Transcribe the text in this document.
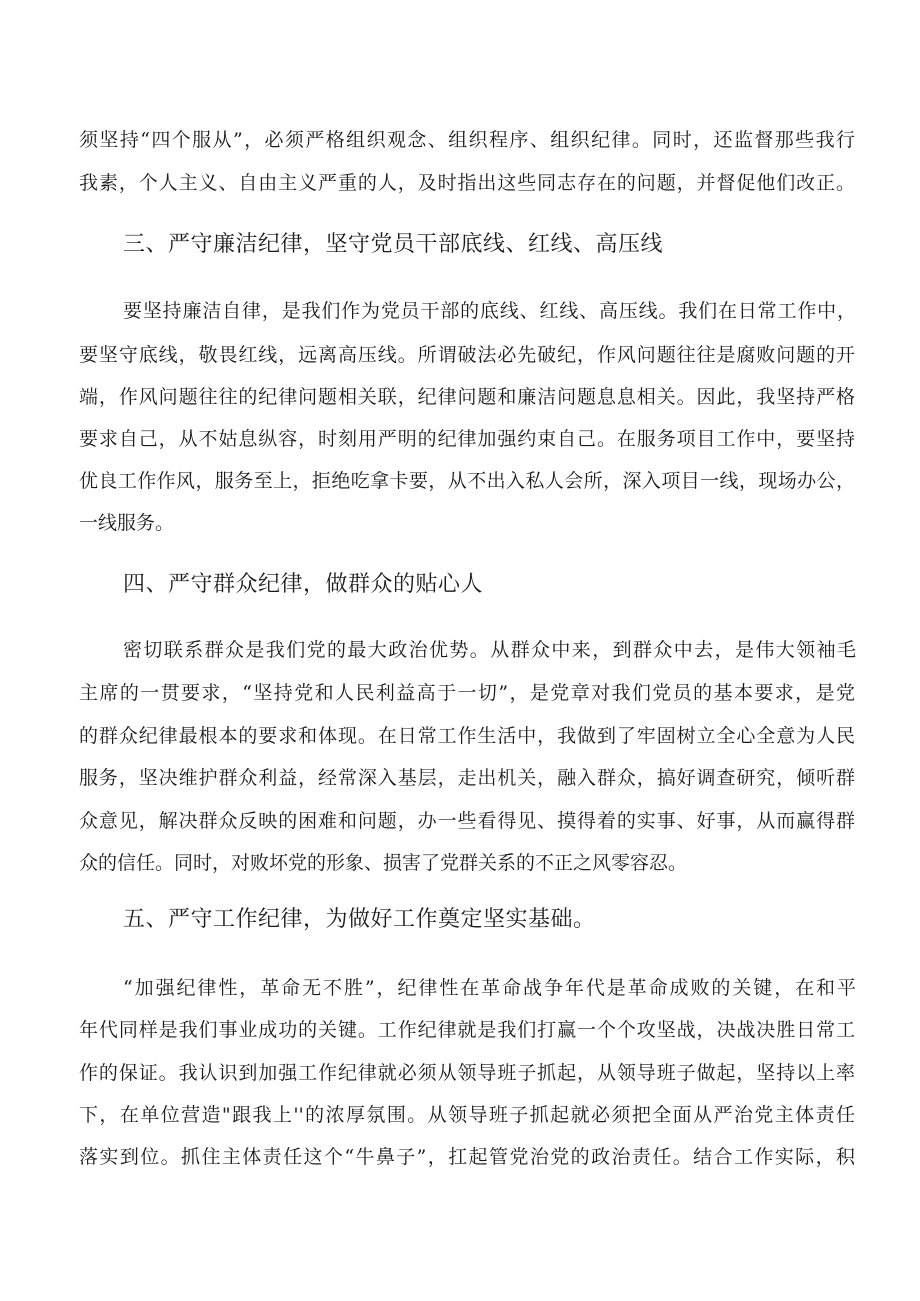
须坚持“四个服从”，必须严格组织观念、组织程序、组织纪律。同时，还监督那些我行
我素，个人主义、自由主义严重的人，及时指出这些同志存在的问题，并督促他们改正。
三、严守廉洁纪律，坚守党员干部底线、红线、高压线
要坚持廉洁自律，是我们作为党员干部的底线、红线、高压线。我们在日常工作中，
要坚守底线，敬畏红线，远离高压线。所谓破法必先破纪，作风问题往往是腐败问题的开
端，作风问题往往的纪律问题相关联，纪律问题和廉洁问题息息相关。因此，我坚持严格
要求自己，从不姑息纵容，时刻用严明的纪律加强约束自己。在服务项目工作中，要坚持
优良工作作风，服务至上，拒绝吃拿卡要，从不出入私人会所，深入项目一线，现场办公，
一线服务。
四、严守群众纪律，做群众的贴心人
密切联系群众是我们党的最大政治优势。从群众中来，到群众中去，是伟大领袖毛
主席的一贯要求，“坚持党和人民利益高于一切”，是党章对我们党员的基本要求，是党
的群众纪律最根本的要求和体现。在日常工作生活中，我做到了牢固树立全心全意为人民
服务，坚决维护群众利益，经常深入基层，走出机关，融入群众，搞好调查研究，倾听群
众意见，解决群众反映的困难和问题，办一些看得见、摸得着的实事、好事，从而赢得群
众的信任。同时，对败坏党的形象、损害了党群关系的不正之风零容忍。
五、严守工作纪律，为做好工作奠定坚实基础。
“加强纪律性，革命无不胜”，纪律性在革命战争年代是革命成败的关键，在和平
年代同样是我们事业成功的关键。工作纪律就是我们打赢一个个攻坚战，决战决胜日常工
作的保证。我认识到加强工作纪律就必须从领导班子抓起，从领导班子做起，坚持以上率
下，在单位营造"跟我上''的浓厚氛围。从领导班子抓起就必须把全面从严治党主体责任
落实到位。抓住主体责任这个“牛鼻子”，扛起管党治党的政治责任。结合工作实际，积
